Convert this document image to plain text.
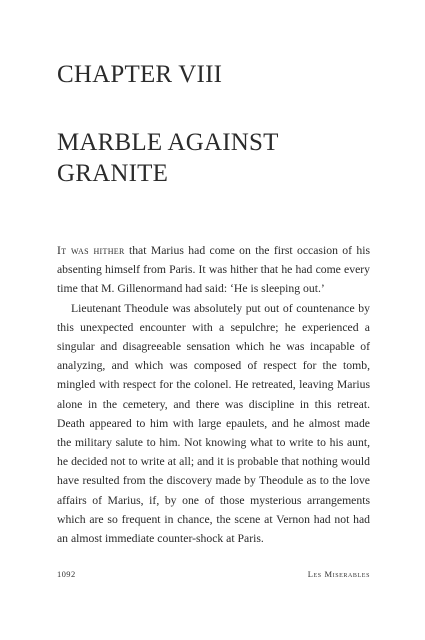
CHAPTER VIII
MARBLE AGAINST
GRANITE

It was hither that Marius had come on the first occasion of his absenting himself from Paris. It was hither that he had come every time that M. Gillenormand had said: ‘He is sleeping out.’

Lieutenant Theodule was absolutely put out of countenance by this unexpected encounter with a sepulchre; he experienced a singular and disagreeable sensation which he was incapable of analyzing, and which was composed of respect for the tomb, mingled with respect for the colonel. He retreated, leaving Marius alone in the cemetery, and there was discipline in this retreat. Death appeared to him with large epaulets, and he almost made the military salute to him. Not knowing what to write to his aunt, he decided not to write at all; and it is probable that nothing would have resulted from the discovery made by Theodule as to the love affairs of Marius, if, by one of those mysterious arrangements which are so frequent in chance, the scene at Vernon had not had an almost immediate counter-shock at Paris.

1092	Les Miserables
